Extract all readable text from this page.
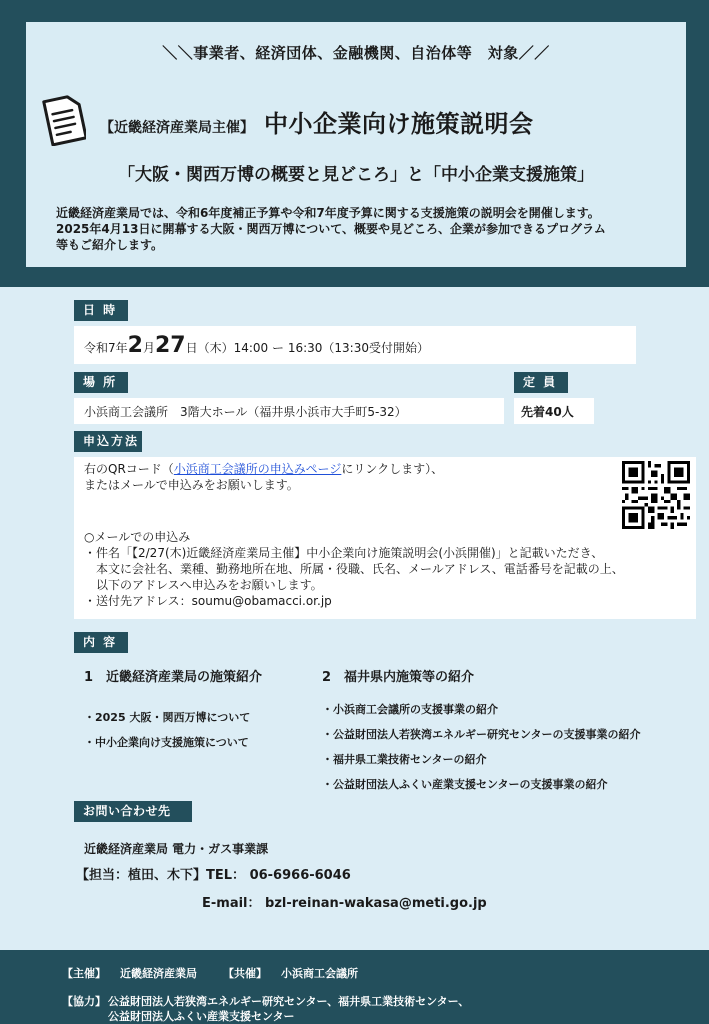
＼＼事業者、経済団体、金融機関、自治体等　対象／／
【近畿経済産業局主催】 中小企業向け施策説明会
「大阪・関西万博の概要と見どころ」と「中小企業支援施策」
近畿経済産業局では、令和6年度補正予算や令和7年度予算に関する支援施策の説明会を開催します。
2025年4月13日に開幕する大阪・関西万博について、概要や見どころ、企業が参加できるプログラム
等もご紹介します。
日 時
令和7年2月27日（木）14:00 ー 16:30（13:30受付開始）
場 所
小浜商工会議所　3階大ホール（福井県小浜市大手町5-32）
定 員
先着40人
申込方法
右のQRコード（小浜商工会議所の申込みページにリンクします）、
またはメールで申込みをお願いします。
○メールでの申込み
・件名「【2/27(木)近畿経済産業局主催】中小企業向け施策説明会(小浜開催)」と記載いただき、
　本文に会社名、業種、勤務地所在地、所属・役職、氏名、メールアドレス、電話番号を記載の上、
　以下のアドレスへ申込みをお願いします。
・送付先アドレス：soumu@obamacci.or.jp
内 容
1　近畿経済産業局の施策紹介
・2025 大阪・関西万博について
・中小企業向け支援施策について
2　福井県内施策等の紹介
・小浜商工会議所の支援事業の紹介
・公益財団法人若狭湾エネルギー研究センターの支援事業の紹介
・福井県工業技術センターの紹介
・公益財団法人ふくい産業支援センターの支援事業の紹介
お問い合わせ先
近畿経済産業局 電力・ガス事業課
【担当：植田、木下】TEL： 06-6966-6046
E-mail： bzl-reinan-wakasa@meti.go.jp
【主催】 近畿経済産業局 【共催】 小浜商工会議所
【協力】 公益財団法人若狭湾エネルギー研究センター、福井県工業技術センター、
公益財団法人ふくい産業支援センター
